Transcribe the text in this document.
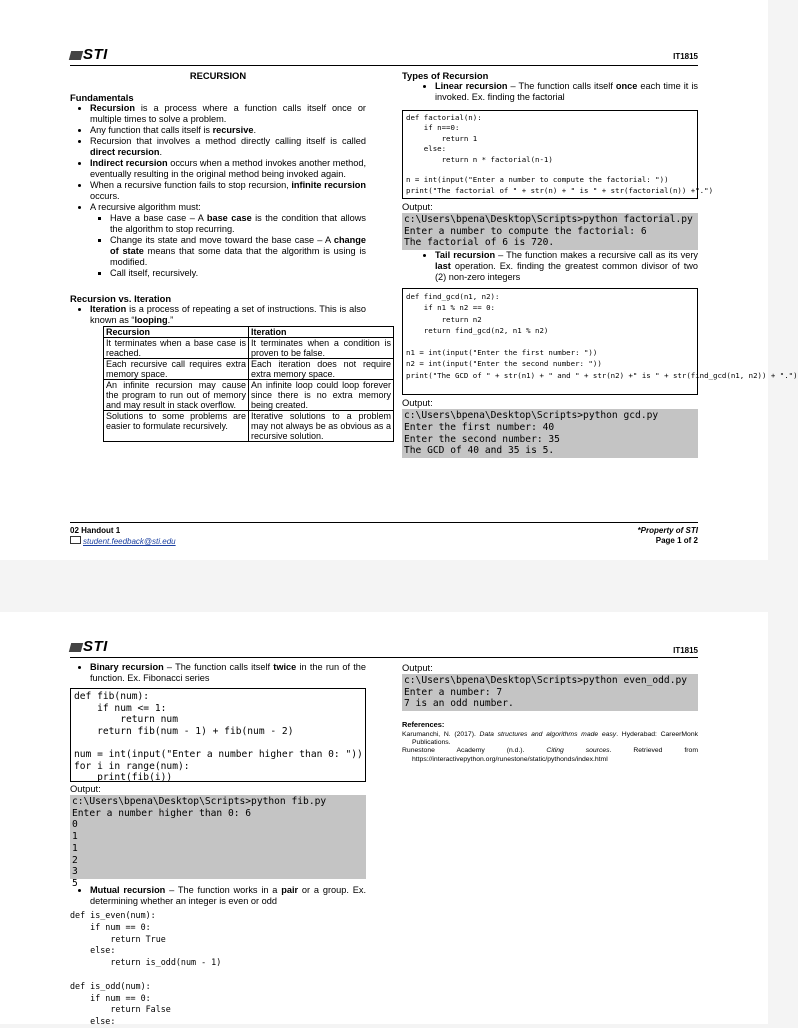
STI	IT1815
RECURSION
Fundamentals
• Recursion is a process where a function calls itself once or multiple times to solve a problem.
• Any function that calls itself is recursive.
• Recursion that involves a method directly calling itself is called direct recursion.
• Indirect recursion occurs when a method invokes another method, eventually resulting in the original method being invoked again.
• When a recursive function fails to stop recursion, infinite recursion occurs.
• A recursive algorithm must:
▪ Have a base case – A base case is the condition that allows the algorithm to stop recurring.
▪ Change its state and move toward the base case – A change of state means that some data that the algorithm is using is modified.
▪ Call itself, recursively.
Recursion vs. Iteration
• Iteration is a process of repeating a set of instructions. This is also known as “looping.”
Recursion	Iteration
It terminates when a base case is reached.	It terminates when a condition is proven to be false.
Each recursive call requires extra memory space.	Each iteration does not require extra memory space.
An infinite recursion may cause the program to run out of memory and may result in stack overflow.	An infinite loop could loop forever since there is no extra memory being created.
Solutions to some problems are easier to formulate recursively.	Iterative solutions to a problem may not always be as obvious as a recursive solution.
Types of Recursion
• Linear recursion – The function calls itself once each time it is invoked. Ex. finding the factorial
def factorial(n):
if n==0:
return 1
else:
return n * factorial(n-1)

n = int(input("Enter a number to compute the factorial: "))
print("The factorial of " + str(n) + " is " + str(factorial(n)) +".")
Output:
c:\Users\bpena\Desktop\Scripts>python factorial.py
Enter a number to compute the factorial: 6
The factorial of 6 is 720.
• Tail recursion – The function makes a recursive call as its very last operation. Ex. finding the greatest common divisor of two (2) non-zero integers
def find_gcd(n1, n2):
if n1 % n2 == 0:
return n2
return find_gcd(n2, n1 % n2)

n1 = int(input("Enter the first number: "))
n2 = int(input("Enter the second number: "))
print("The GCD of " + str(n1) + " and " + str(n2) +" is " + str(find_gcd(n1, n2)) + ".")
Output:
c:\Users\bpena\Desktop\Scripts>python gcd.py
Enter the first number: 40
Enter the second number: 35
The GCD of 40 and 35 is 5.
02 Handout 1
student.feedback@sti.edu
*Property of STI
Page 1 of 2
STI	IT1815
• Binary recursion – The function calls itself twice in the run of the function. Ex. Fibonacci series
def fib(num):
if num <= 1:
return num
return fib(num - 1) + fib(num - 2)

num = int(input("Enter a number higher than 0: "))
for i in range(num):
print(fib(i))
Output:
c:\Users\bpena\Desktop\Scripts>python fib.py
Enter a number higher than 0: 6
0
1
1
2
3
5
• Mutual recursion – The function works in a pair or a group. Ex. determining whether an integer is even or odd
def is_even(num):
if num == 0:
return True
else:
return is_odd(num - 1)

def is_odd(num):
if num == 0:
return False
else:
Output:
c:\Users\bpena\Desktop\Scripts>python even_odd.py
Enter a number: 7
7 is an odd number.
References:

Karumanchi, N. (2017). Data structures and algorithms made easy. Hyderabad: CareerMonk Publications.

Runestone Academy (n.d.). Citing sources. Retrieved from https://interactivepython.org/runestone/static/pythonds/index.html
